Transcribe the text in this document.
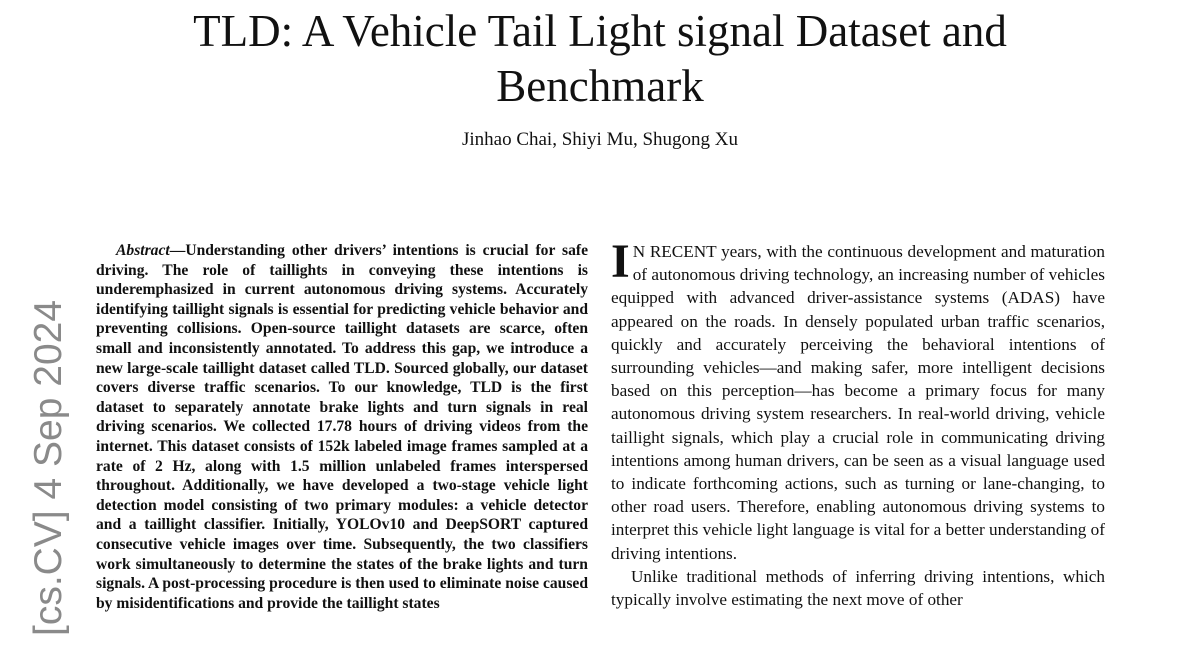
TLD: A Vehicle Tail Light signal Dataset and Benchmark
Jinhao Chai, Shiyi Mu, Shugong Xu
[cs.CV] 4 Sep 2024

Abstract—Understanding other drivers’ intentions is crucial for safe driving. The role of taillights in conveying these intentions is underemphasized in current autonomous driving systems. Accurately identifying taillight signals is essential for predicting vehicle behavior and preventing collisions. Open-source taillight datasets are scarce, often small and inconsistently annotated. To address this gap, we introduce a new large-scale taillight dataset called TLD. Sourced globally, our dataset covers diverse traffic scenarios. To our knowledge, TLD is the first dataset to separately annotate brake lights and turn signals in real driving scenarios. We collected 17.78 hours of driving videos from the internet. This dataset consists of 152k labeled image frames sampled at a rate of 2 Hz, along with 1.5 million unlabeled frames interspersed throughout. Additionally, we have developed a two-stage vehicle light detection model consisting of two primary modules: a vehicle detector and a taillight classifier. Initially, YOLOv10 and DeepSORT captured consecutive vehicle images over time. Subsequently, the two classifiers work simultaneously to determine the states of the brake lights and turn signals. A post-processing procedure is then used to eliminate noise caused by misidentifications and provide the taillight states

I N RECENT years, with the continuous development and maturation of autonomous driving technology, an increasing number of vehicles equipped with advanced driver-assistance systems (ADAS) have appeared on the roads. In densely populated urban traffic scenarios, quickly and accurately perceiving the behavioral intentions of surrounding vehicles—and making safer, more intelligent decisions based on this perception—has become a primary focus for many autonomous driving system researchers. In real-world driving, vehicle taillight signals, which play a crucial role in communicating driving intentions among human drivers, can be seen as a visual language used to indicate forthcoming actions, such as turning or lane-changing, to other road users. Therefore, enabling autonomous driving systems to interpret this vehicle light language is vital for a better understanding of driving intentions.

Unlike traditional methods of inferring driving intentions, which typically involve estimating the next move of other
